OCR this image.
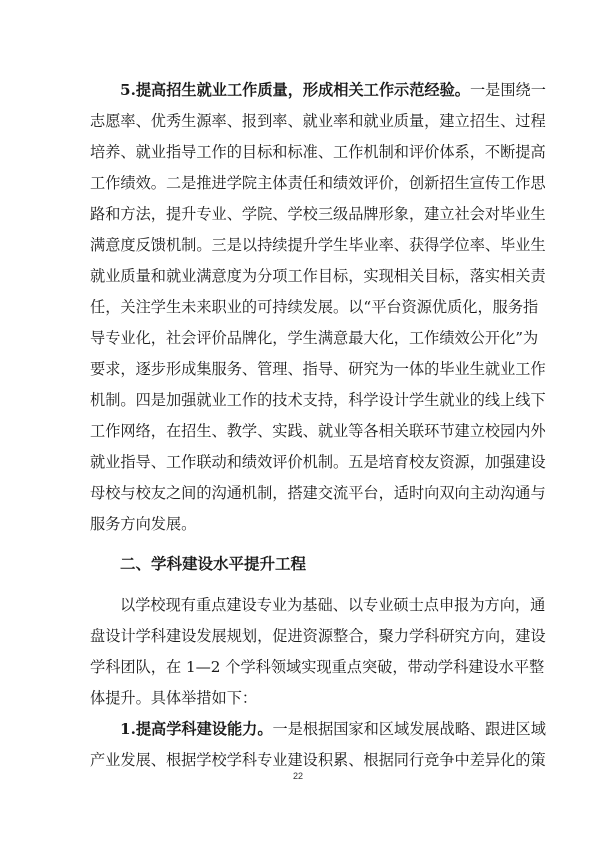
5.提高招生就业工作质量，形成相关工作示范经验。一是围绕一
志愿率、优秀生源率、报到率、就业率和就业质量，建立招生、过程
培养、就业指导工作的目标和标准、工作机制和评价体系，不断提高
工作绩效。二是推进学院主体责任和绩效评价，创新招生宣传工作思
路和方法，提升专业、学院、学校三级品牌形象，建立社会对毕业生
满意度反馈机制。三是以持续提升学生毕业率、获得学位率、毕业生
就业质量和就业满意度为分项工作目标，实现相关目标，落实相关责
任，关注学生未来职业的可持续发展。以“平台资源优质化，服务指
导专业化，社会评价品牌化，学生满意最大化，工作绩效公开化”为
要求，逐步形成集服务、管理、指导、研究为一体的毕业生就业工作
机制。四是加强就业工作的技术支持，科学设计学生就业的线上线下
工作网络，在招生、教学、实践、就业等各相关联环节建立校园内外
就业指导、工作联动和绩效评价机制。五是培育校友资源，加强建设
母校与校友之间的沟通机制，搭建交流平台，适时向双向主动沟通与
服务方向发展。
二、学科建设水平提升工程
以学校现有重点建设专业为基础、以专业硕士点申报为方向，通
盘设计学科建设发展规划，促进资源整合，聚力学科研究方向，建设
学科团队，在 1—2 个学科领域实现重点突破，带动学科建设水平整
体提升。具体举措如下：
1.提高学科建设能力。一是根据国家和区域发展战略、跟进区域
产业发展、根据学校学科专业建设积累、根据同行竞争中差异化的策
22
